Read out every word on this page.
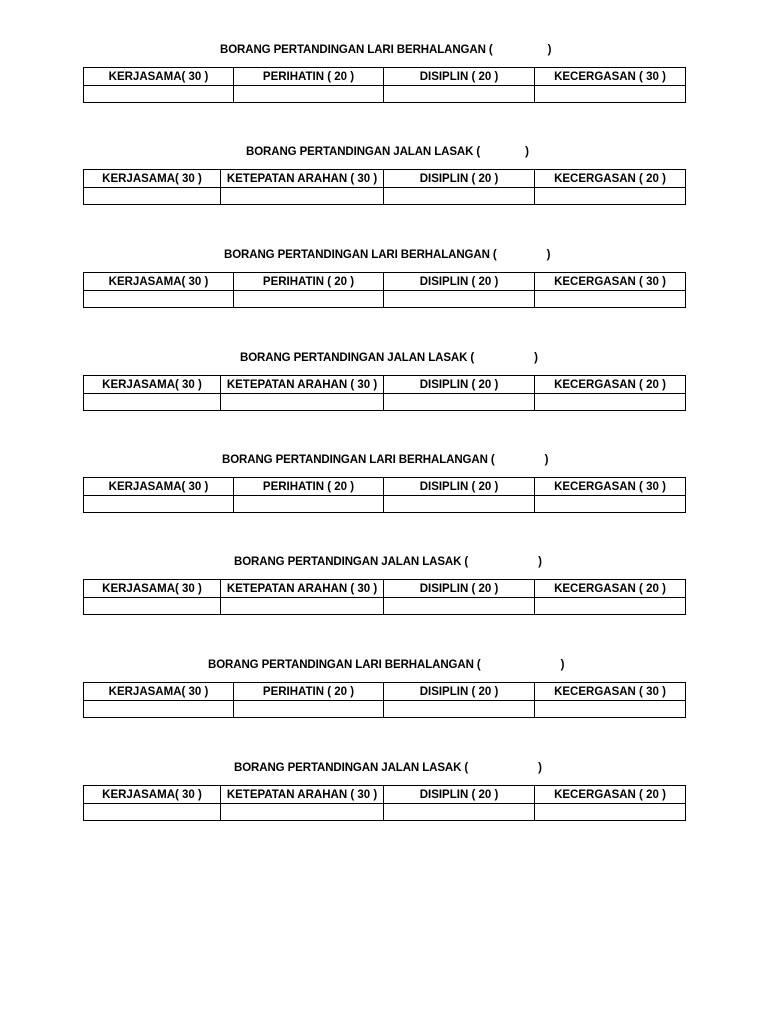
BORANG PERTANDINGAN LARI BERHALANGAN (	)
KERJASAMA( 30 )	PERIHATIN ( 20 )	DISIPLIN ( 20 )	KECERGASAN ( 30 )

BORANG PERTANDINGAN JALAN LASAK (	)
KERJASAMA( 30 )	KETEPATAN ARAHAN ( 30 )	DISIPLIN ( 20 )	KECERGASAN ( 20 )

BORANG PERTANDINGAN LARI BERHALANGAN (	)
KERJASAMA( 30 )	PERIHATIN ( 20 )	DISIPLIN ( 20 )	KECERGASAN ( 30 )

BORANG PERTANDINGAN JALAN LASAK (	)
KERJASAMA( 30 )	KETEPATAN ARAHAN ( 30 )	DISIPLIN ( 20 )	KECERGASAN ( 20 )

BORANG PERTANDINGAN LARI BERHALANGAN (	)
KERJASAMA( 30 )	PERIHATIN ( 20 )	DISIPLIN ( 20 )	KECERGASAN ( 30 )

BORANG PERTANDINGAN JALAN LASAK (	)
KERJASAMA( 30 )	KETEPATAN ARAHAN ( 30 )	DISIPLIN ( 20 )	KECERGASAN ( 20 )

BORANG PERTANDINGAN LARI BERHALANGAN (	)
KERJASAMA( 30 )	PERIHATIN ( 20 )	DISIPLIN ( 20 )	KECERGASAN ( 30 )

BORANG PERTANDINGAN JALAN LASAK (	)
KERJASAMA( 30 )	KETEPATAN ARAHAN ( 30 )	DISIPLIN ( 20 )	KECERGASAN ( 20 )
